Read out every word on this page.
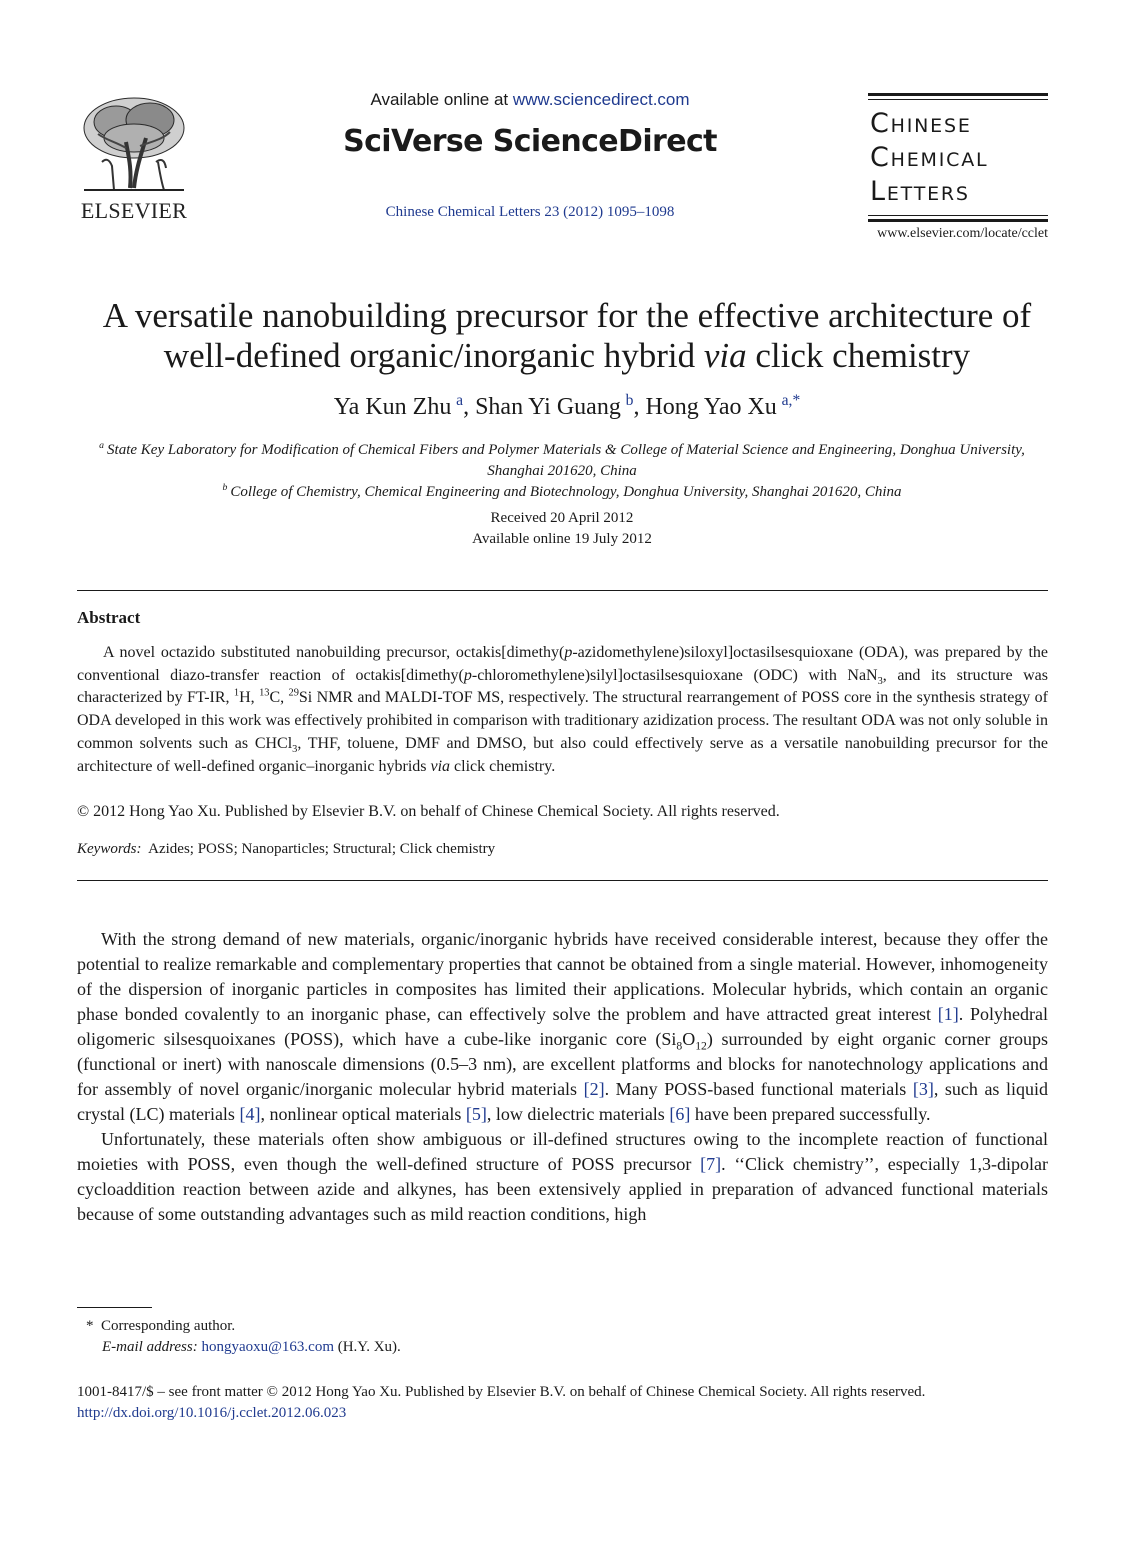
ELSEVIER
Available online at www.sciencedirect.com
SciVerse ScienceDirect
Chinese Chemical Letters 23 (2012) 1095–1098
Chinese
Chemical
Letters
www.elsevier.com/locate/cclet
A versatile nanobuilding precursor for the effective architecture of
well-defined organic/inorganic hybrid via click chemistry
Ya Kun Zhu  $^a$, Shan Yi Guang  $^b$, Hong Yao Xu  $^{a,*}$
$^a$  State Key Laboratory for Modification of Chemical Fibers and Polymer Materials & College of Material Science and Engineering, Donghua University, Shanghai 201620, China
$^b$  College of Chemistry, Chemical Engineering and Biotechnology, Donghua University, Shanghai 201620, China
Received 20 April 2012
Available online 19 July 2012
Abstract

A novel octazido substituted nanobuilding precursor, octakis[dimethy(p-azidomethylene)siloxyl]octasilsesquioxane (ODA), was prepared by the conventional diazo-transfer reaction of octakis[dimethy(p-chloromethylene)silyl]octasilsesquioxane (ODC) with NaN$_3$, and its structure was characterized by FT-IR, $^1$H, $^{13}$C, $^{29}$Si NMR and MALDI-TOF MS, respectively. The structural rearrangement of POSS core in the synthesis strategy of ODA developed in this work was effectively prohibited in comparison with traditionary azidization process. The resultant ODA was not only soluble in common solvents such as CHCl$_3$, THF, toluene, DMF and DMSO, but also could effectively serve as a versatile nanobuilding precursor for the architecture of well-defined organic–inorganic hybrids via click chemistry.

© 2012 Hong Yao Xu. Published by Elsevier B.V. on behalf of Chinese Chemical Society. All rights reserved.
Keywords: Azides; POSS; Nanoparticles; Structural; Click chemistry

With the strong demand of new materials, organic/inorganic hybrids have received considerable interest, because they offer the potential to realize remarkable and complementary properties that cannot be obtained from a single material. However, inhomogeneity of the dispersion of inorganic particles in composites has limited their applications. Molecular hybrids, which contain an organic phase bonded covalently to an inorganic phase, can effectively solve the problem and have attracted great interest [1]. Polyhedral oligomeric silsesquoixanes (POSS), which have a cube-like inorganic core $(Si_8O_{12})$ surrounded by eight organic corner groups (functional or inert) with nanoscale dimensions (0.5–3 nm), are excellent platforms and blocks for nanotechnology applications and for assembly of novel organic/inorganic molecular hybrid materials [2]. Many POSS-based functional materials [3], such as liquid crystal (LC) materials [4], nonlinear optical materials [5], low dielectric materials [6] have been prepared successfully.

Unfortunately, these materials often show ambiguous or ill-defined structures owing to the incomplete reaction of functional moieties with POSS, even though the well-defined structure of POSS precursor [7]. ‘‘Click chemistry’’, especially 1,3-dipolar cycloaddition reaction between azide and alkynes, has been extensively applied in preparation of advanced functional materials because of some outstanding advantages such as mild reaction conditions, high

* Corresponding author.
E-mail address: hongyaoxu@163.com (H.Y. Xu).
1001-8417/$ – see front matter © 2012 Hong Yao Xu. Published by Elsevier B.V. on behalf of Chinese Chemical Society. All rights reserved.
http://dx.doi.org/10.1016/j.cclet.2012.06.023
